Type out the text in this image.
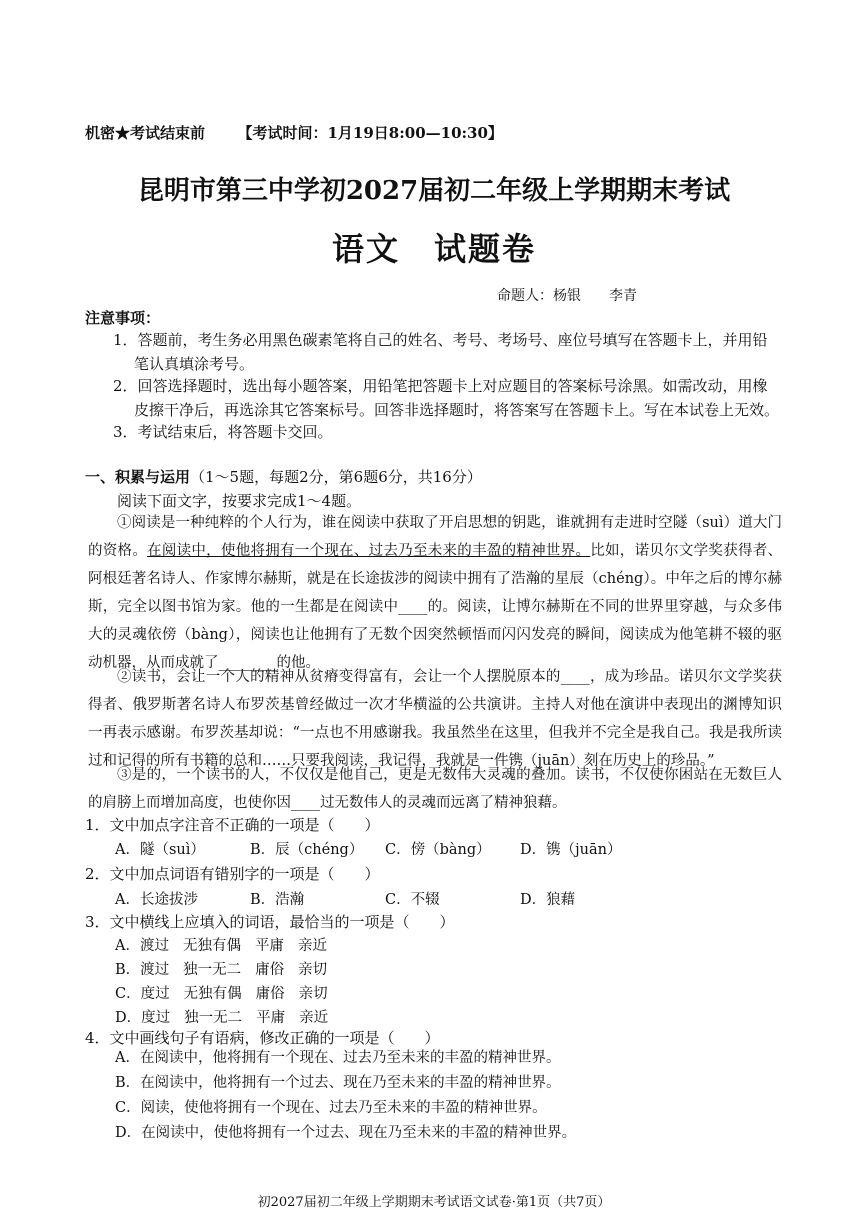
机密★考试结束前 【考试时间：1月19日8:00—10:30】
昆明市第三中学初2027届初二年级上学期期末考试
语文　试题卷
命题人：杨银　　李青
注意事项：
1．答题前，考生务必用黑色碳素笔将自己的姓名、考号、考场号、座位号填写在答题卡上，并用铅
笔认真填涂考号。
2．回答选择题时，选出每小题答案，用铅笔把答题卡上对应题目的答案标号涂黑。如需改动，用橡
皮擦干净后，再选涂其它答案标号。回答非选择题时，将答案写在答题卡上。写在本试卷上无效。
3．考试结束后，将答题卡交回。
一、积累与运用（1～5题，每题2分，第6题6分，共16分）
阅读下面文字，按要求完成1～4题。
①阅读是一种纯粹的个人行为，谁在阅读中获取了开启思想的钥匙，谁就拥有走进时空隧（suì）道大门的资格。在阅读中，使他将拥有一个现在、过去乃至未来的丰盈的精神世界。比如，诺贝尔文学奖获得者、阿根廷著名诗人、作家博尔赫斯，就是在长途拔涉的阅读中拥有了浩瀚的星辰（chéng）。中年之后的博尔赫斯，完全以图书馆为家。他的一生都是在阅读中____的。阅读，让博尔赫斯在不同的世界里穿越，与众多伟大的灵魂依傍（bàng），阅读也让他拥有了无数个因突然顿悟而闪闪发亮的瞬间，阅读成为他笔耕不辍的驱动机器，从而成就了________的他。
②读书，会让一个人的精神从贫瘠变得富有，会让一个人摆脱原本的____，成为珍品。诺贝尔文学奖获得者、俄罗斯著名诗人布罗茨基曾经做过一次才华横溢的公共演讲。主持人对他在演讲中表现出的渊博知识一再表示感谢。布罗茨基却说：“一点也不用感谢我。我虽然坐在这里，但我并不完全是我自己。我是我所读过和记得的所有书籍的总和……只要我阅读，我记得，我就是一件镌（juān）刻在历史上的珍品。”
③是的，一个读书的人，不仅仅是他自己，更是无数伟大灵魂的叠加。读书，不仅使你困站在无数巨人的肩膀上而增加高度，也使你因____过无数伟人的灵魂而远离了精神狼藉。
1．文中加点字注音不正确的一项是（　　）
A．隧（suì）	B．辰（chéng）	C．傍（bàng）	D．镌（juān）
2．文中加点词语有错别字的一项是（　　）
A．长途拔涉	B．浩瀚	C．不辍	D．狼藉
3．文中横线上应填入的词语，最恰当的一项是（　　）
A．渡过 无独有偶 平庸 亲近
B．渡过 独一无二 庸俗 亲切
C．度过 无独有偶 庸俗 亲切
D．度过 独一无二 平庸 亲近
4．文中画线句子有语病，修改正确的一项是（　　）
A．在阅读中，他将拥有一个现在、过去乃至未来的丰盈的精神世界。
B．在阅读中，他将拥有一个过去、现在乃至未来的丰盈的精神世界。
C．阅读，使他将拥有一个现在、过去乃至未来的丰盈的精神世界。
D．在阅读中，使他将拥有一个过去、现在乃至未来的丰盈的精神世界。
初2027届初二年级上学期期末考试语文试卷·第1页（共7页）
